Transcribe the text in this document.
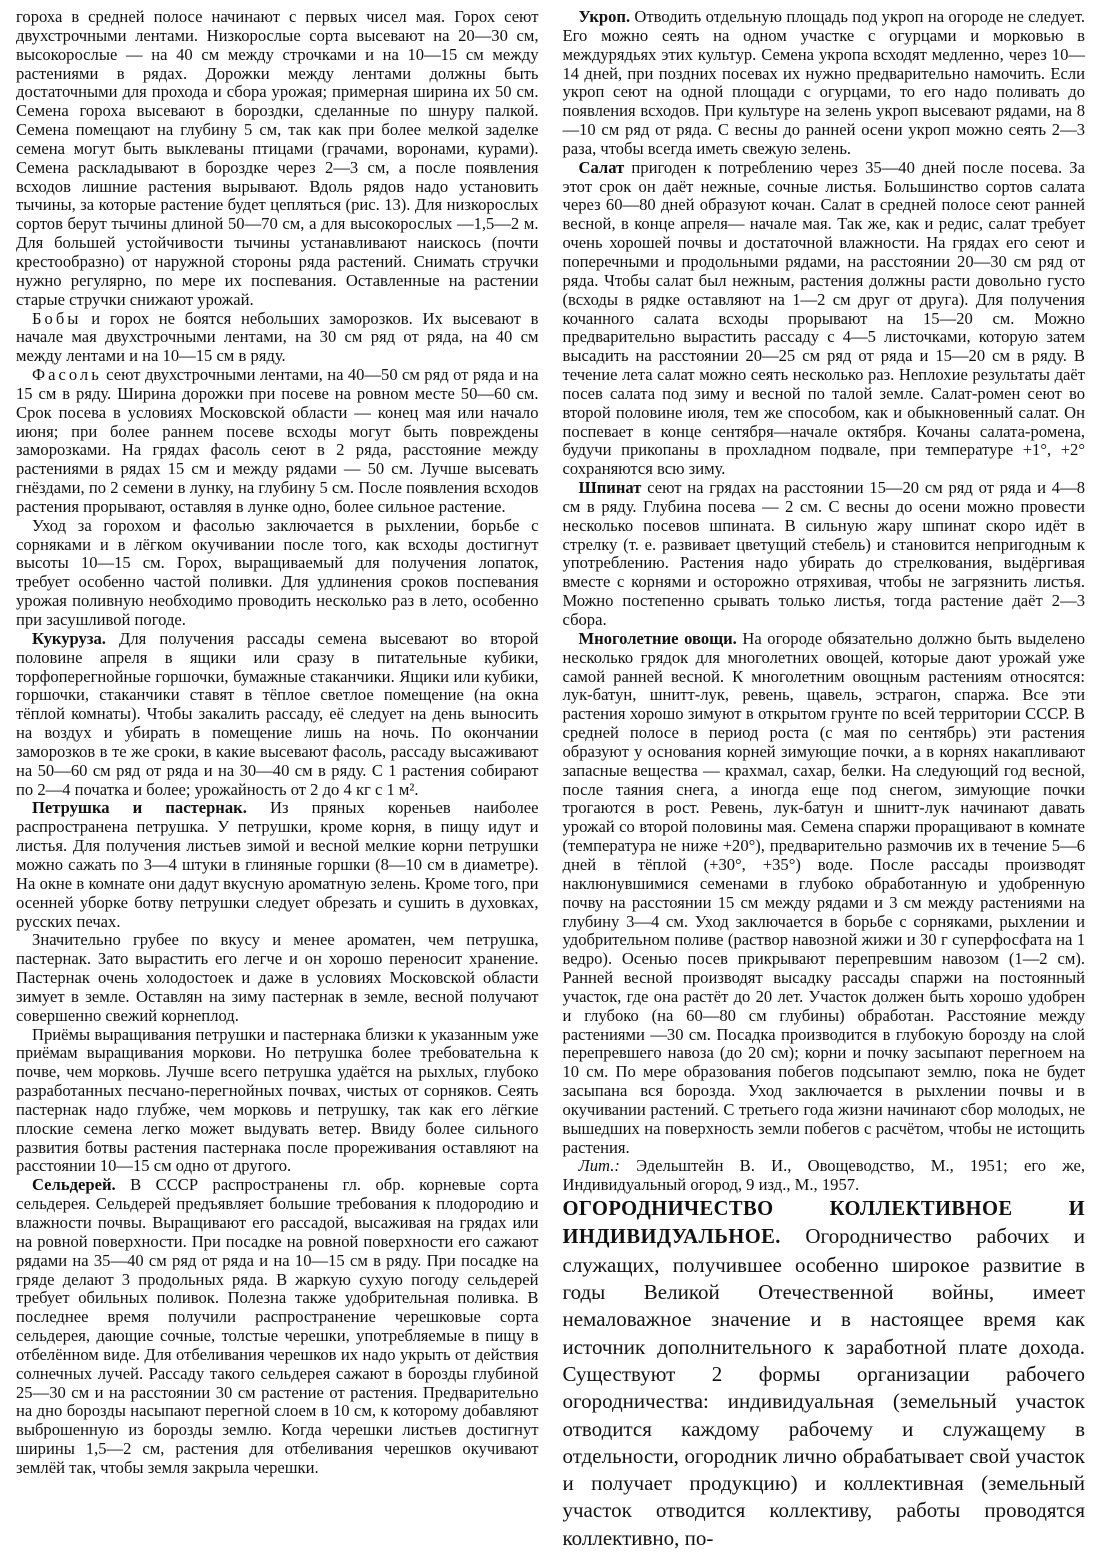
гороха в средней полосе начинают с первых чисел мая. Горох сеют двухстрочными лентами. Низкорослые сорта высевают на 20—30 см, высокорослые — на 40 см между строчками и на 10—15 см между растениями в рядах. Дорожки между лентами должны быть достаточными для прохода и сбора урожая; примерная ширина их 50 см. Семена гороха высевают в бороздки, сделанные по шнуру палкой. Семена помещают на глубину 5 см, так как при более мелкой заделке семена могут быть выклеваны птицами (грачами, воронами, курами). Семена раскладывают в бороздке через 2—3 см, а после появления всходов лишние растения вырывают. Вдоль рядов надо установить тычины, за которые растение будет цепляться (рис. 13). Для низкорослых сортов берут тычины длиной 50—70 см, а для высокорослых —1,5—2 м. Для большей устойчивости тычины устанавливают наискось (почти крестообразно) от наружной стороны ряда растений. Снимать стручки нужно регулярно, по мере их поспевания. Оставленные на растении старые стручки снижают урожай.

Бобы и горох не боятся небольших заморозков. Их высевают в начале мая двухстрочными лентами, на 30 см ряд от ряда, на 40 см между лентами и на 10—15 см в ряду.

Фасоль сеют двухстрочными лентами, на 40—50 см ряд от ряда и на 15 см в ряду. Ширина дорожки при посеве на ровном месте 50—60 см. Срок посева в условиях Московской области — конец мая или начало июня; при более раннем посеве всходы могут быть повреждены заморозками. На грядах фасоль сеют в 2 ряда, расстояние между растениями в рядах 15 см и между рядами — 50 см. Лучше высевать гнёздами, по 2 семени в лунку, на глубину 5 см. После появления всходов растения прорывают, оставляя в лунке одно, более сильное растение.

Уход за горохом и фасолью заключается в рыхлении, борьбе с сорняками и в лёгком окучивании после того, как всходы достигнут высоты 10—15 см. Горох, выращиваемый для получения лопаток, требует особенно частой поливки. Для удлинения сроков поспевания урожая поливную необходимо проводить несколько раз в лето, особенно при засушливой погоде.

Кукуруза. Для получения рассады семена высевают во второй половине апреля в ящики или сразу в питательные кубики, торфоперегнойные горшочки, бумажные стаканчики. Ящики или кубики, горшочки, стаканчики ставят в тёплое светлое помещение (на окна тёплой комнаты). Чтобы закалить рассаду, её следует на день выносить на воздух и убирать в помещение лишь на ночь. По окончании заморозков в те же сроки, в какие высевают фасоль, рассаду высаживают на 50—60 см ряд от ряда и на 30—40 см в ряду. С 1 растения собирают по 2—4 початка и более; урожайность от 2 до 4 кг с 1 м².

Петрушка и пастернак. Из пряных кореньев наиболее распространена петрушка. У петрушки, кроме корня, в пищу идут и листья. Для получения листьев зимой и весной мелкие корни петрушки можно сажать по 3—4 штуки в глиняные горшки (8—10 см в диаметре). На окне в комнате они дадут вкусную ароматную зелень. Кроме того, при осенней уборке ботву петрушки следует обрезать и сушить в духовках, русских печах.

Значительно грубее по вкусу и менее ароматен, чем петрушка, пастернак. Зато вырастить его легче и он хорошо переносит хранение. Пастернак очень холодостоек и даже в условиях Московской области зимует в земле. Оставлян на зиму пастернак в земле, весной получают совершенно свежий корнеплод.

Приёмы выращивания петрушки и пастернака близки к указанным уже приёмам выращивания моркови. Но петрушка более требовательна к почве, чем морковь. Лучше всего петрушка удаётся на рыхлых, глубоко разработанных песчано-перегнойных почвах, чистых от сорняков. Сеять пастернак надо глубже, чем морковь и петрушку, так как его лёгкие плоские семена легко может выдувать ветер. Ввиду более сильного развития ботвы растения пастернака после прореживания оставляют на расстоянии 10—15 см одно от другого.

Сельдерей. В СССР распространены гл. обр. корневые сорта сельдерея. Сельдерей предъявляет большие требования к плодородию и влажности почвы. Выращивают его рассадой, высаживая на грядах или на ровной поверхности. При посадке на ровной поверхности его сажают рядами на 35—40 см ряд от ряда и на 10—15 см в ряду. При посадке на гряде делают 3 продольных ряда. В жаркую сухую погоду сельдерей требует обильных поливок. Полезна также удобрительная поливка. В последнее время получили распространение черешковые сорта сельдерея, дающие сочные, толстые черешки, употребляемые в пищу в отбелённом виде. Для отбеливания черешков их надо укрыть от действия солнечных лучей. Рассаду такого сельдерея сажают в борозды глубиной 25—30 см и на расстоянии 30 см растение от растения. Предварительно на дно борозды насыпают перегной слоем в 10 см, к которому добавляют выброшенную из борозды землю. Когда черешки листьев достигнут ширины 1,5—2 см, растения для отбеливания черешков окучивают землёй так, чтобы земля закрыла черешки.

Укроп. Отводить отдельную площадь под укроп на огороде не следует. Его можно сеять на одном участке с огурцами и морковью в междурядьях этих культур. Семена укропа всходят медленно, через 10—14 дней, при поздних посевах их нужно предварительно намочить. Если укроп сеют на одной площади с огурцами, то его надо поливать до появления всходов. При культуре на зелень укроп высевают рядами, на 8—10 см ряд от ряда. С весны до ранней осени укроп можно сеять 2—3 раза, чтобы всегда иметь свежую зелень.

Салат пригоден к потреблению через 35—40 дней после посева. За этот срок он даёт нежные, сочные листья. Большинство сортов салата через 60—80 дней образуют кочан. Салат в средней полосе сеют ранней весной, в конце апреля— начале мая. Так же, как и редис, салат требует очень хорошей почвы и достаточной влажности. На грядах его сеют и поперечными и продольными рядами, на расстоянии 20—30 см ряд от ряда. Чтобы салат был нежным, растения должны расти довольно густо (всходы в рядке оставляют на 1—2 см друг от друга). Для получения кочанного салата всходы прорывают на 15—20 см. Можно предварительно вырастить рассаду с 4—5 листочками, которую затем высадить на расстоянии 20—25 см ряд от ряда и 15—20 см в ряду. В течение лета салат можно сеять несколько раз. Неплохие результаты даёт посев салата под зиму и весной по талой земле. Салат-ромен сеют во второй половине июля, тем же способом, как и обыкновенный салат. Он поспевает в конце сентября—начале октября. Кочаны салата-ромена, будучи прикопаны в прохладном подвале, при температуре +1°, +2° сохраняются всю зиму.

Шпинат сеют на грядах на расстоянии 15—20 см ряд от ряда и 4—8 см в ряду. Глубина посева — 2 см. С весны до осени можно провести несколько посевов шпината. В сильную жару шпинат скоро идёт в стрелку (т. е. развивает цветущий стебель) и становится непригодным к употреблению. Растения надо убирать до стрелкования, выдёргивая вместе с корнями и осторожно отряхивая, чтобы не загрязнить листья. Можно постепенно срывать только листья, тогда растение даёт 2—3 сбора.

Многолетние овощи. На огороде обязательно должно быть выделено несколько грядок для многолетних овощей, которые дают урожай уже самой ранней весной. К многолетним овощным растениям относятся: лук-батун, шнитт-лук, ревень, щавель, эстрагон, спаржа. Все эти растения хорошо зимуют в открытом грунте по всей территории СССР. В средней полосе в период роста (с мая по сентябрь) эти растения образуют у основания корней зимующие почки, а в корнях накапливают запасные вещества — крахмал, сахар, белки. На следующий год весной, после таяния снега, а иногда еще под снегом, зимующие почки трогаются в рост. Ревень, лук-батун и шнитт-лук начинают давать урожай со второй половины мая. Семена спаржи проращивают в комнате (температура не ниже +20°), предварительно размочив их в течение 5—6 дней в тёплой (+30°, +35°) воде. После рассады производят наклюнувшимися семенами в глубоко обработанную и удобренную почву на расстоянии 15 см между рядами и 3 см между растениями на глубину 3—4 см. Уход заключается в борьбе с сорняками, рыхлении и удобрительном поливе (раствор навозной жижи и 30 г суперфосфата на 1 ведро). Осенью посев прикрывают перепревшим навозом (1—2 см). Ранней весной производят высадку рассады спаржи на постоянный участок, где она растёт до 20 лет. Участок должен быть хорошо удобрен и глубоко (на 60—80 см глубины) обработан. Расстояние между растениями —30 см. Посадка производится в глубокую борозду на слой перепревшего навоза (до 20 см); корни и почку засыпают перегноем на 10 см. По мере образования побегов подсыпают землю, пока не будет засыпана вся борозда. Уход заключается в рыхлении почвы и в окучивании растений. С третьего года жизни начинают сбор молодых, не вышедших на поверхность земли побегов с расчётом, чтобы не истощить растения.

Лит.: Эдельштейн В. И., Овощеводство, М., 1951; его же, Индивидуальный огород, 9 изд., М., 1957.

ОГОРОДНИЧЕСТВО КОЛЛЕКТИВНОЕ И ИНДИВИДУАЛЬНОЕ. Огородничество рабочих и служащих, получившее особенно широкое развитие в годы Великой Отечественной войны, имеет немаловажное значение и в настоящее время как источник дополнительного к заработной плате дохода. Существуют 2 формы организации рабочего огородничества: индивидуальная (земельный участок отводится каждому рабочему и служащему в отдельности, огородник лично обрабатывает свой участок и получает продукцию) и коллективная (земельный участок отводится коллективу, работы проводятся коллективно, по-
